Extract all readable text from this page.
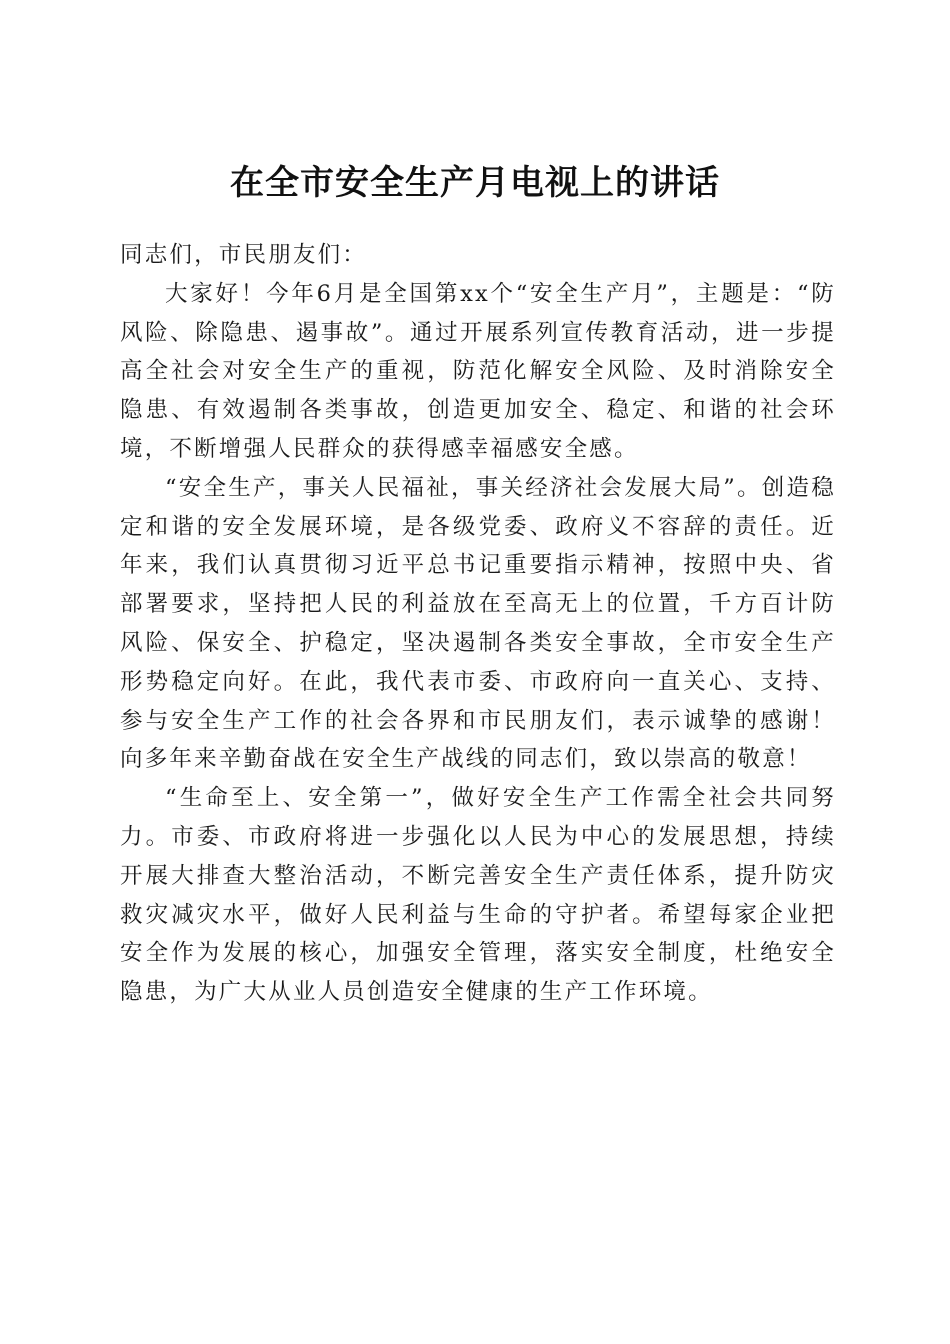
在全市安全生产月电视上的讲话

同志们，市民朋友们：

大家好！今年6月是全国第xx个“安全生产月”，主题是：“防风险、除隐患、遏事故”。通过开展系列宣传教育活动，进一步提高全社会对安全生产的重视，防范化解安全风险、及时消除安全隐患、有效遏制各类事故，创造更加安全、稳定、和谐的社会环境，不断增强人民群众的获得感幸福感安全感。

“安全生产，事关人民福祉，事关经济社会发展大局”。创造稳定和谐的安全发展环境，是各级党委、政府义不容辞的责任。近年来，我们认真贯彻习近平总书记重要指示精神，按照中央、省部署要求，坚持把人民的利益放在至高无上的位置，千方百计防风险、保安全、护稳定，坚决遏制各类安全事故，全市安全生产形势稳定向好。在此，我代表市委、市政府向一直关心、支持、参与安全生产工作的社会各界和市民朋友们，表示诚挚的感谢！向多年来辛勤奋战在安全生产战线的同志们，致以崇高的敬意！

“生命至上、安全第一”，做好安全生产工作需全社会共同努力。市委、市政府将进一步强化以人民为中心的发展思想，持续开展大排查大整治活动，不断完善安全生产责任体系，提升防灾救灾减灾水平，做好人民利益与生命的守护者。希望每家企业把安全作为发展的核心，加强安全管理，落实安全制度，杜绝安全隐患，为广大从业人员创造安全健康的生产工作环境。
